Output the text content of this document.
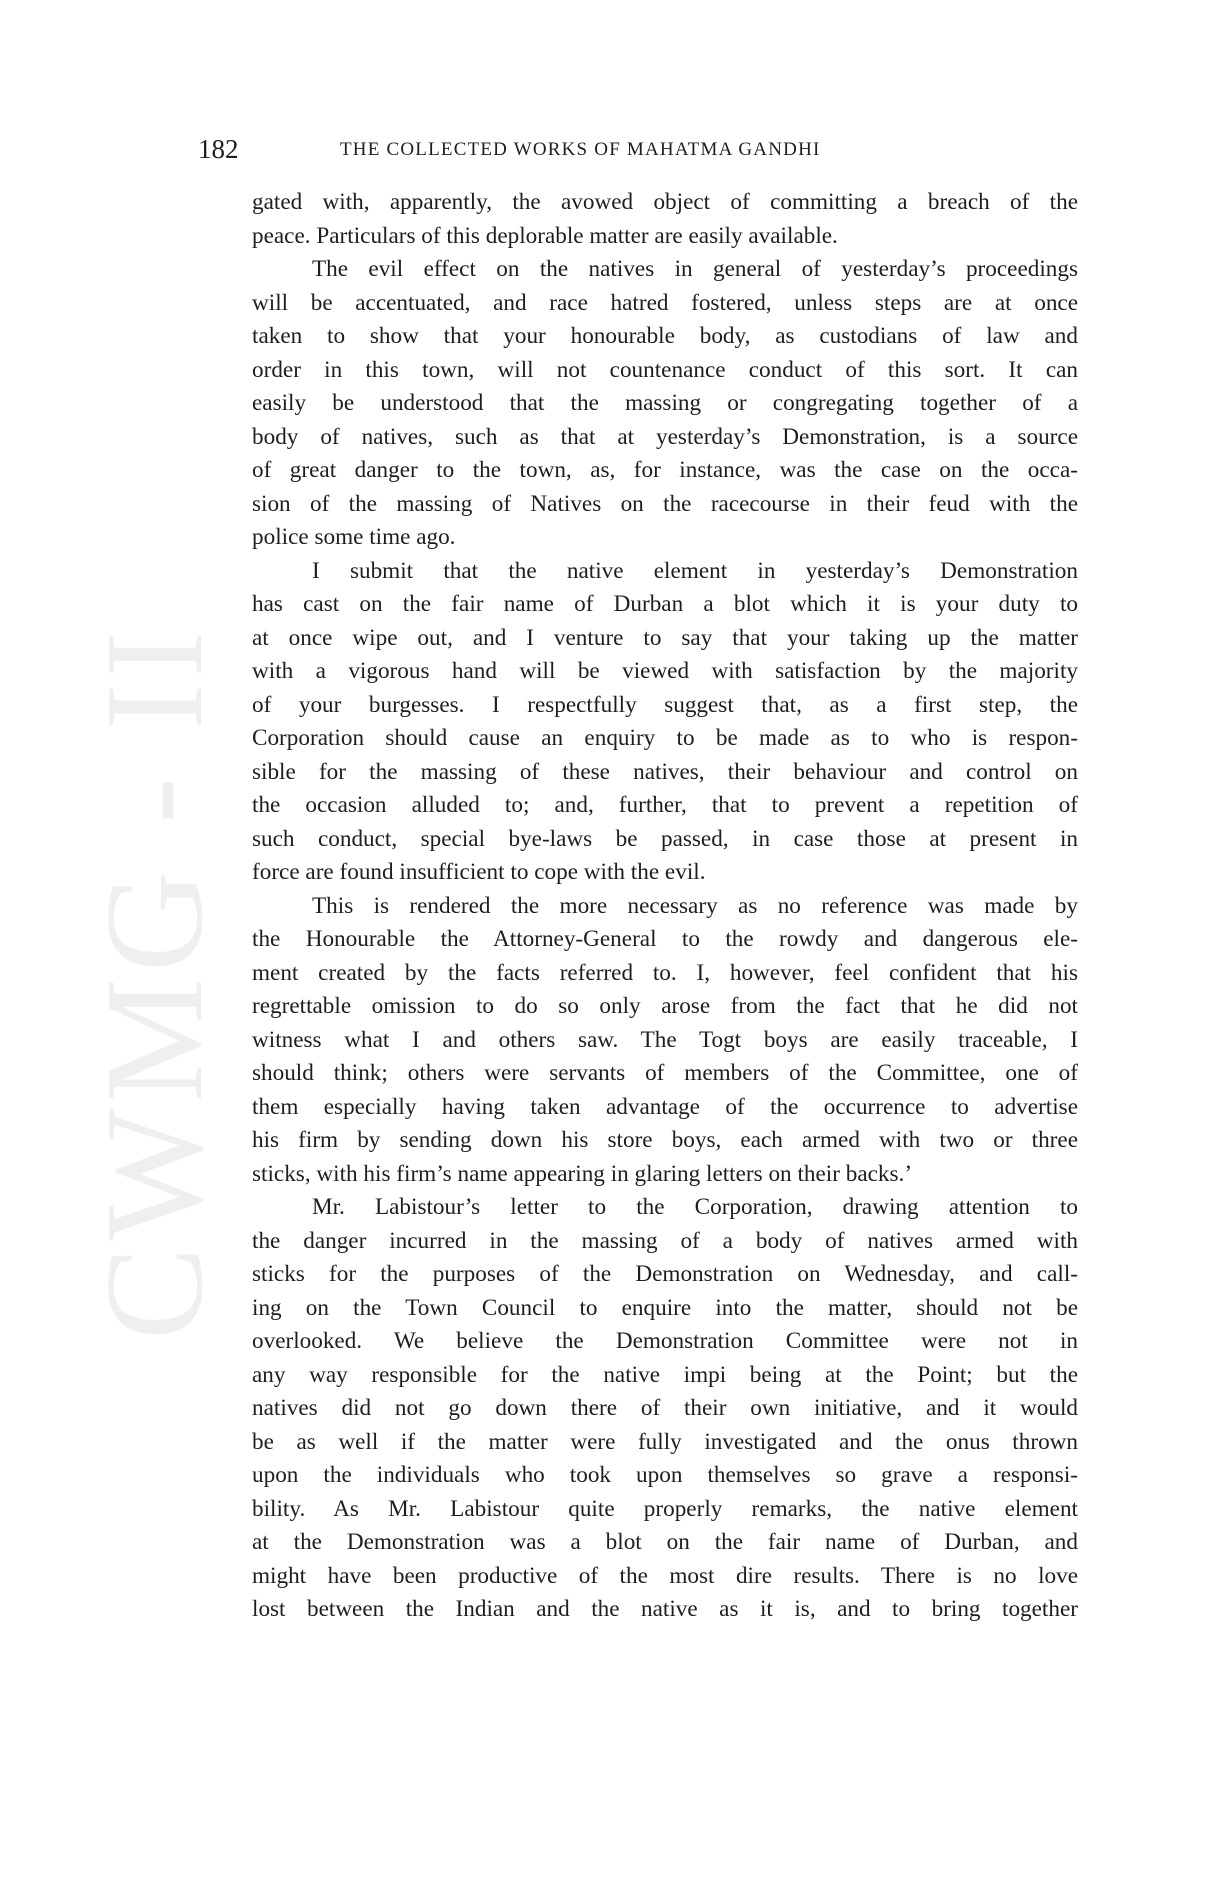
CWMG - II
182	THE COLLECTED WORKS OF MAHATMA GANDHI
gated with, apparently, the avowed object of committing a breach of the
peace. Particulars of this deplorable matter are easily available.
The evil effect on the natives in general of yesterday’s proceedings
will be accentuated, and race hatred fostered, unless steps are at once
taken to show that your honourable body, as custodians of law and
order in this town, will not countenance conduct of this sort. It can
easily be understood that the massing or congregating together of a
body of natives, such as that at yesterday’s Demonstration, is a source
of great danger to the town, as, for instance, was the case on the occa-
sion of the massing of Natives on the racecourse in their feud with the
police some time ago.
I submit that the native element in yesterday’s Demonstration
has cast on the fair name of Durban a blot which it is your duty to
at once wipe out, and I venture to say that your taking up the matter
with a vigorous hand will be viewed with satisfaction by the majority
of your burgesses. I respectfully suggest that, as a first step, the
Corporation should cause an enquiry to be made as to who is respon-
sible for the massing of these natives, their behaviour and control on
the occasion alluded to; and, further, that to prevent a repetition of
such conduct, special bye-laws be passed, in case those at present in
force are found insufficient to cope with the evil.
This is rendered the more necessary as no reference was made by
the Honourable the Attorney-General to the rowdy and dangerous ele-
ment created by the facts referred to. I, however, feel confident that his
regrettable omission to do so only arose from the fact that he did not
witness what I and others saw. The Togt boys are easily traceable, I
should think; others were servants of members of the Committee, one of
them especially having taken advantage of the occurrence to advertise
his firm by sending down his store boys, each armed with two or three
sticks, with his firm’s name appearing in glaring letters on their backs.’
Mr. Labistour’s letter to the Corporation, drawing attention to
the danger incurred in the massing of a body of natives armed with
sticks for the purposes of the Demonstration on Wednesday, and call-
ing on the Town Council to enquire into the matter, should not be
overlooked. We believe the Demonstration Committee were not in
any way responsible for the native impi being at the Point; but the
natives did not go down there of their own initiative, and it would
be as well if the matter were fully investigated and the onus thrown
upon the individuals who took upon themselves so grave a responsi-
bility. As Mr. Labistour quite properly remarks, the native element
at the Demonstration was a blot on the fair name of Durban, and
might have been productive of the most dire results. There is no love
lost between the Indian and the native as it is, and to bring together
